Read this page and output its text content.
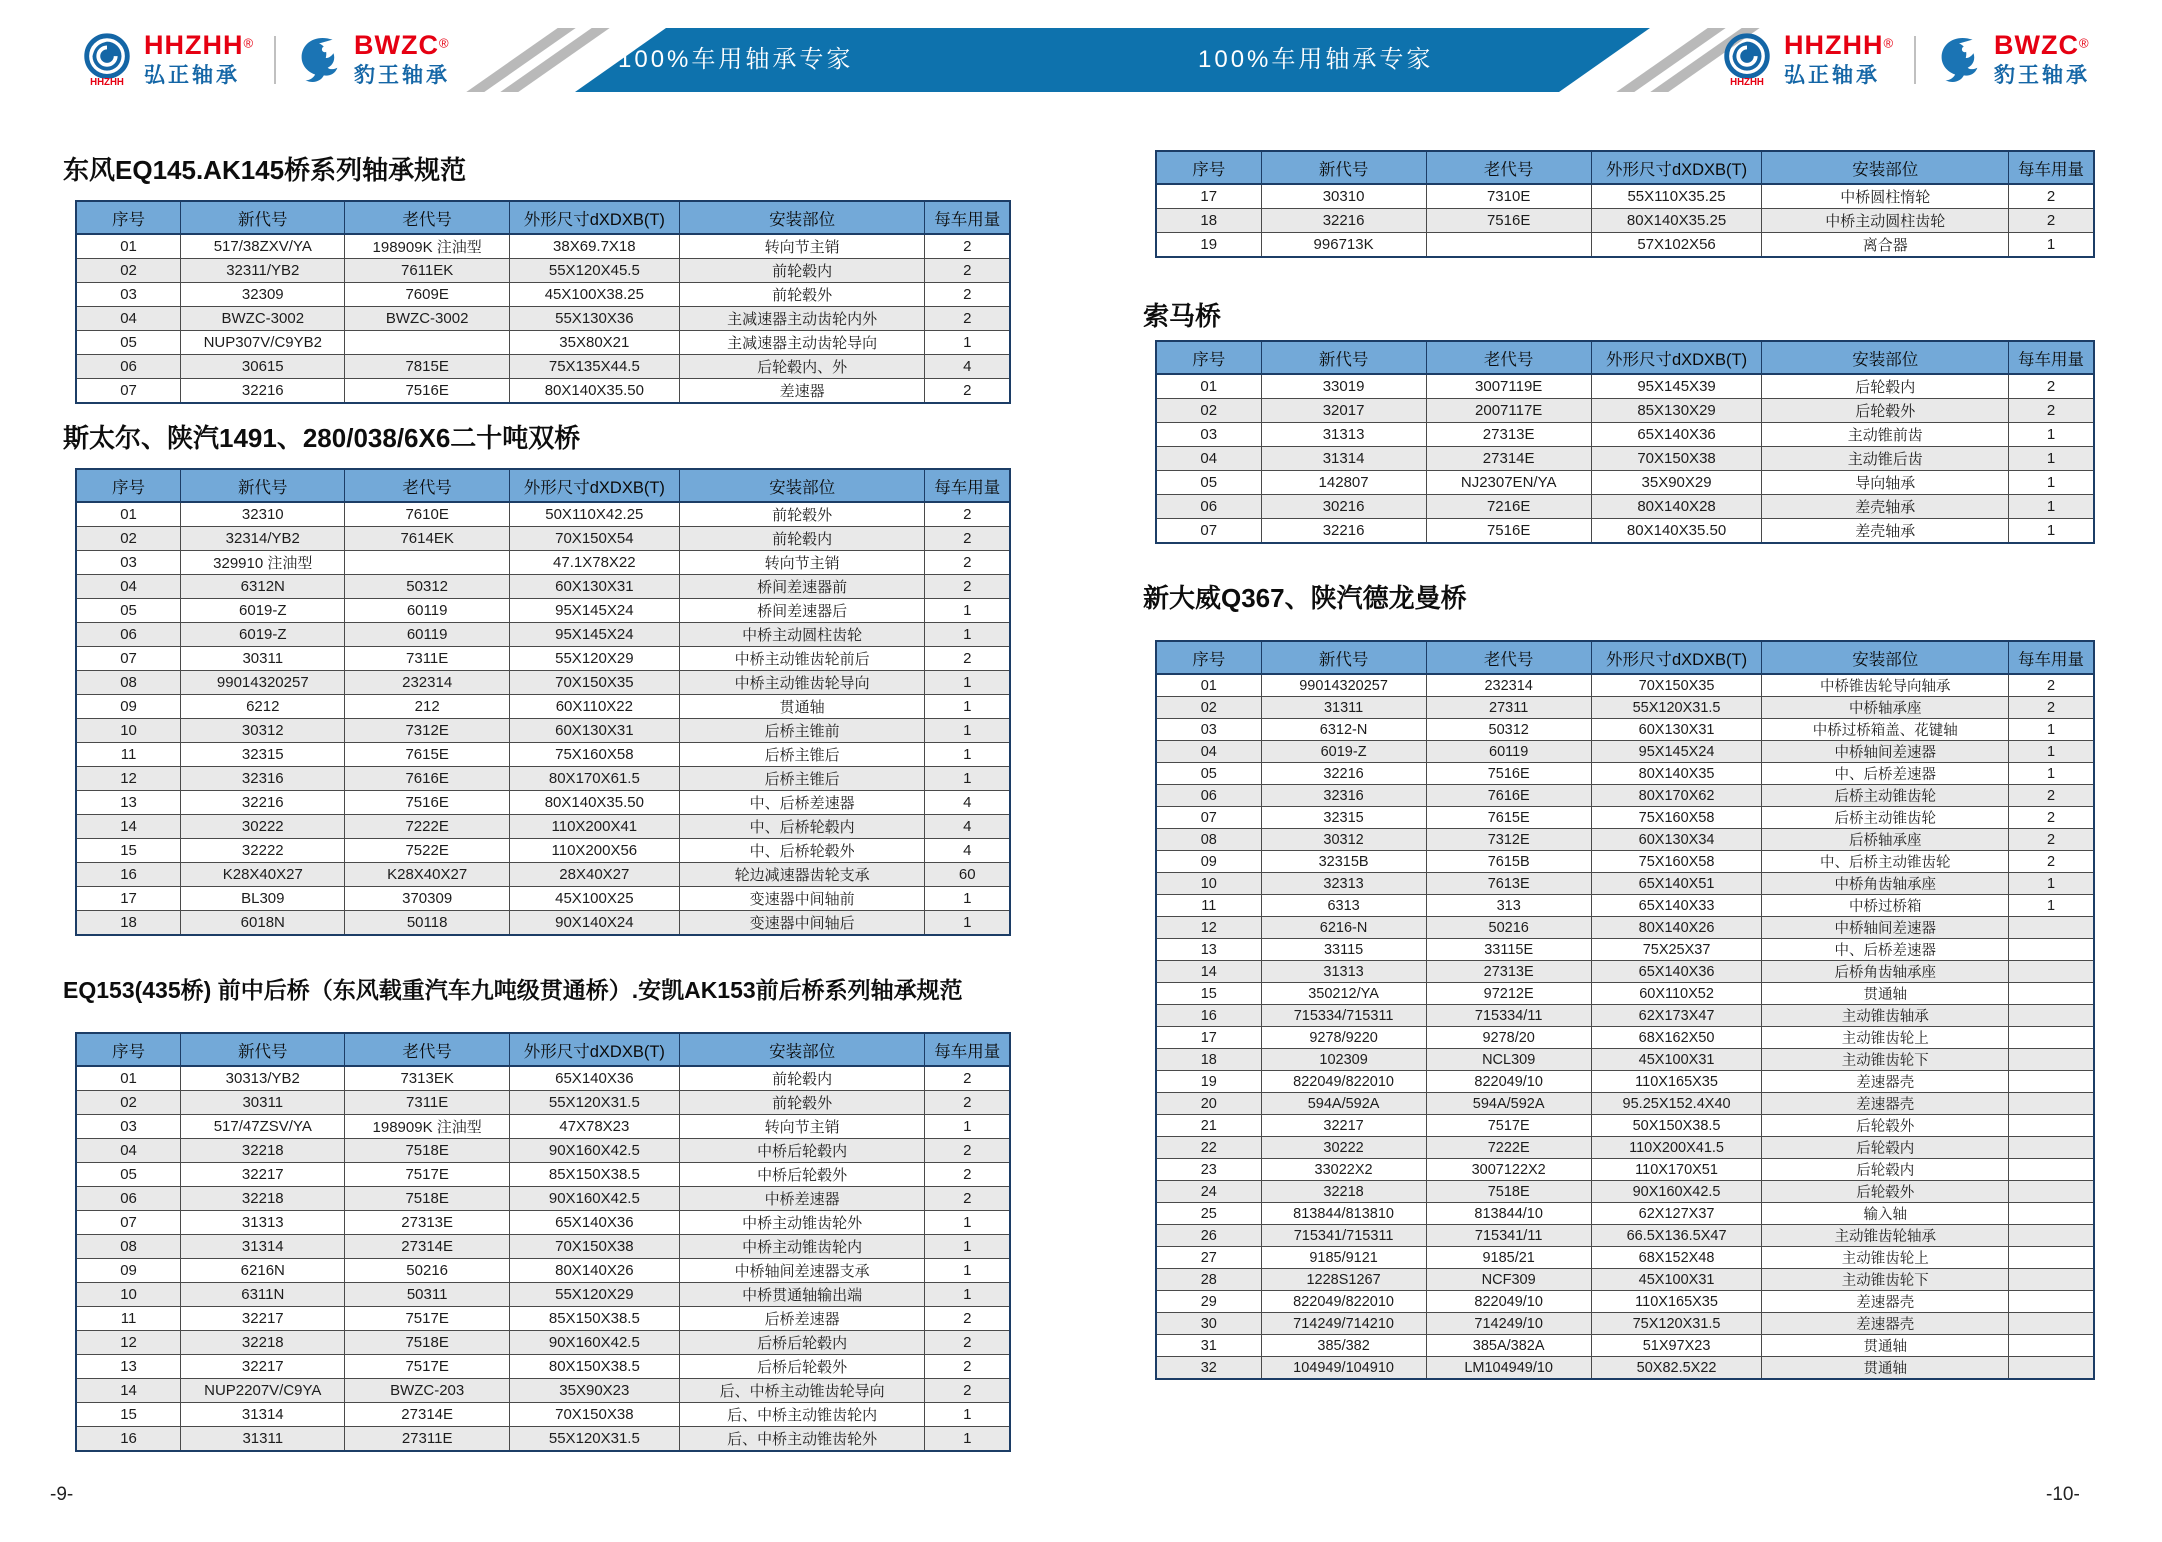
100%车用轴承专家	100%车用轴承专家
HHZHH
HHZHH®
弘正轴承
BWZC®
豹王轴承	HHZHH
HHZHH®
弘正轴承
BWZC®
豹王轴承
东风EQ145.AK145桥系列轴承规范
序号	新代号	老代号	外形尺寸dXDXB(T)	安装部位	每车用量
01	517/38ZXV/YA	198909K 注油型	38X69.7X18	转向节主销	2
02	32311/YB2	7611EK	55X120X45.5	前轮毂内	2
03	32309	7609E	45X100X38.25	前轮毂外	2
04	BWZC-3002	BWZC-3002	55X130X36	主减速器主动齿轮内外	2
05	NUP307V/C9YB2		35X80X21	主减速器主动齿轮导向	1
06	30615	7815E	75X135X44.5	后轮毂内、外	4
07	32216	7516E	80X140X35.50	差速器	2
斯太尔、陕汽1491、280/038/6X6二十吨双桥
序号	新代号	老代号	外形尺寸dXDXB(T)	安装部位	每车用量
01	32310	7610E	50X110X42.25	前轮毂外	2
02	32314/YB2	7614EK	70X150X54	前轮毂内	2
03	329910 注油型		47.1X78X22	转向节主销	2
04	6312N	50312	60X130X31	桥间差速器前	2
05	6019-Z	60119	95X145X24	桥间差速器后	1
06	6019-Z	60119	95X145X24	中桥主动圆柱齿轮	1
07	30311	7311E	55X120X29	中桥主动锥齿轮前后	2
08	99014320257	232314	70X150X35	中桥主动锥齿轮导向	1
09	6212	212	60X110X22	贯通轴	1
10	30312	7312E	60X130X31	后桥主锥前	1
11	32315	7615E	75X160X58	后桥主锥后	1
12	32316	7616E	80X170X61.5	后桥主锥后	1
13	32216	7516E	80X140X35.50	中、后桥差速器	4
14	30222	7222E	110X200X41	中、后桥轮毂内	4
15	32222	7522E	110X200X56	中、后桥轮毂外	4
16	K28X40X27	K28X40X27	28X40X27	轮边减速器齿轮支承	60
17	BL309	370309	45X100X25	变速器中间轴前	1
18	6018N	50118	90X140X24	变速器中间轴后	1
EQ153(435桥) 前中后桥（东风载重汽车九吨级贯通桥）.安凯AK153前后桥系列轴承规范
序号	新代号	老代号	外形尺寸dXDXB(T)	安装部位	每车用量
01	30313/YB2	7313EK	65X140X36	前轮毂内	2
02	30311	7311E	55X120X31.5	前轮毂外	2
03	517/47ZSV/YA	198909K 注油型	47X78X23	转向节主销	1
04	32218	7518E	90X160X42.5	中桥后轮毂内	2
05	32217	7517E	85X150X38.5	中桥后轮毂外	2
06	32218	7518E	90X160X42.5	中桥差速器	2
07	31313	27313E	65X140X36	中桥主动锥齿轮外	1
08	31314	27314E	70X150X38	中桥主动锥齿轮内	1
09	6216N	50216	80X140X26	中桥轴间差速器支承	1
10	6311N	50311	55X120X29	中桥贯通轴输出端	1
11	32217	7517E	85X150X38.5	后桥差速器	2
12	32218	7518E	90X160X42.5	后桥后轮毂内	2
13	32217	7517E	80X150X38.5	后桥后轮毂外	2
14	NUP2207V/C9YA	BWZC-203	35X90X23	后、中桥主动锥齿轮导向	2
15	31314	27314E	70X150X38	后、中桥主动锥齿轮内	1
16	31311	27311E	55X120X31.5	后、中桥主动锥齿轮外	1
序号	新代号	老代号	外形尺寸dXDXB(T)	安装部位	每车用量
17	30310	7310E	55X110X35.25	中桥圆柱惰轮	2
18	32216	7516E	80X140X35.25	中桥主动圆柱齿轮	2
19	996713K		57X102X56	离合器	1
索马桥
序号	新代号	老代号	外形尺寸dXDXB(T)	安装部位	每车用量
01	33019	3007119E	95X145X39	后轮毂内	2
02	32017	2007117E	85X130X29	后轮毂外	2
03	31313	27313E	65X140X36	主动锥前齿	1
04	31314	27314E	70X150X38	主动锥后齿	1
05	142807	NJ2307EN/YA	35X90X29	导向轴承	1
06	30216	7216E	80X140X28	差壳轴承	1
07	32216	7516E	80X140X35.50	差壳轴承	1
新大威Q367、陕汽德龙曼桥
序号	新代号	老代号	外形尺寸dXDXB(T)	安装部位	每车用量
01	99014320257	232314	70X150X35	中桥锥齿轮导向轴承	2
02	31311	27311	55X120X31.5	中桥轴承座	2
03	6312-N	50312	60X130X31	中桥过桥箱盖、花键轴	1
04	6019-Z	60119	95X145X24	中桥轴间差速器	1
05	32216	7516E	80X140X35	中、后桥差速器	1
06	32316	7616E	80X170X62	后桥主动锥齿轮	2
07	32315	7615E	75X160X58	后桥主动锥齿轮	2
08	30312	7312E	60X130X34	后桥轴承座	2
09	32315B	7615B	75X160X58	中、后桥主动锥齿轮	2
10	32313	7613E	65X140X51	中桥角齿轴承座	1
11	6313	313	65X140X33	中桥过桥箱	1
12	6216-N	50216	80X140X26	中桥轴间差速器	
13	33115	33115E	75X25X37	中、后桥差速器	
14	31313	27313E	65X140X36	后桥角齿轴承座	
15	350212/YA	97212E	60X110X52	贯通轴	
16	715334/715311	715334/11	62X173X47	主动锥齿轴承	
17	9278/9220	9278/20	68X162X50	主动锥齿轮上	
18	102309	NCL309	45X100X31	主动锥齿轮下	
19	822049/822010	822049/10	110X165X35	差速器壳	
20	594A/592A	594A/592A	95.25X152.4X40	差速器壳	
21	32217	7517E	50X150X38.5	后轮毂外	
22	30222	7222E	110X200X41.5	后轮毂内	
23	33022X2	3007122X2	110X170X51	后轮毂内	
24	32218	7518E	90X160X42.5	后轮毂外	
25	813844/813810	813844/10	62X127X37	输入轴	
26	715341/715311	715341/11	66.5X136.5X47	主动锥齿轮轴承	
27	9185/9121	9185/21	68X152X48	主动锥齿轮上	
28	1228S1267	NCF309	45X100X31	主动锥齿轮下	
29	822049/822010	822049/10	110X165X35	差速器壳	
30	714249/714210	714249/10	75X120X31.5	差速器壳	
31	385/382	385A/382A	51X97X23	贯通轴	
32	104949/104910	LM104949/10	50X82.5X22	贯通轴	
-9-	-10-
